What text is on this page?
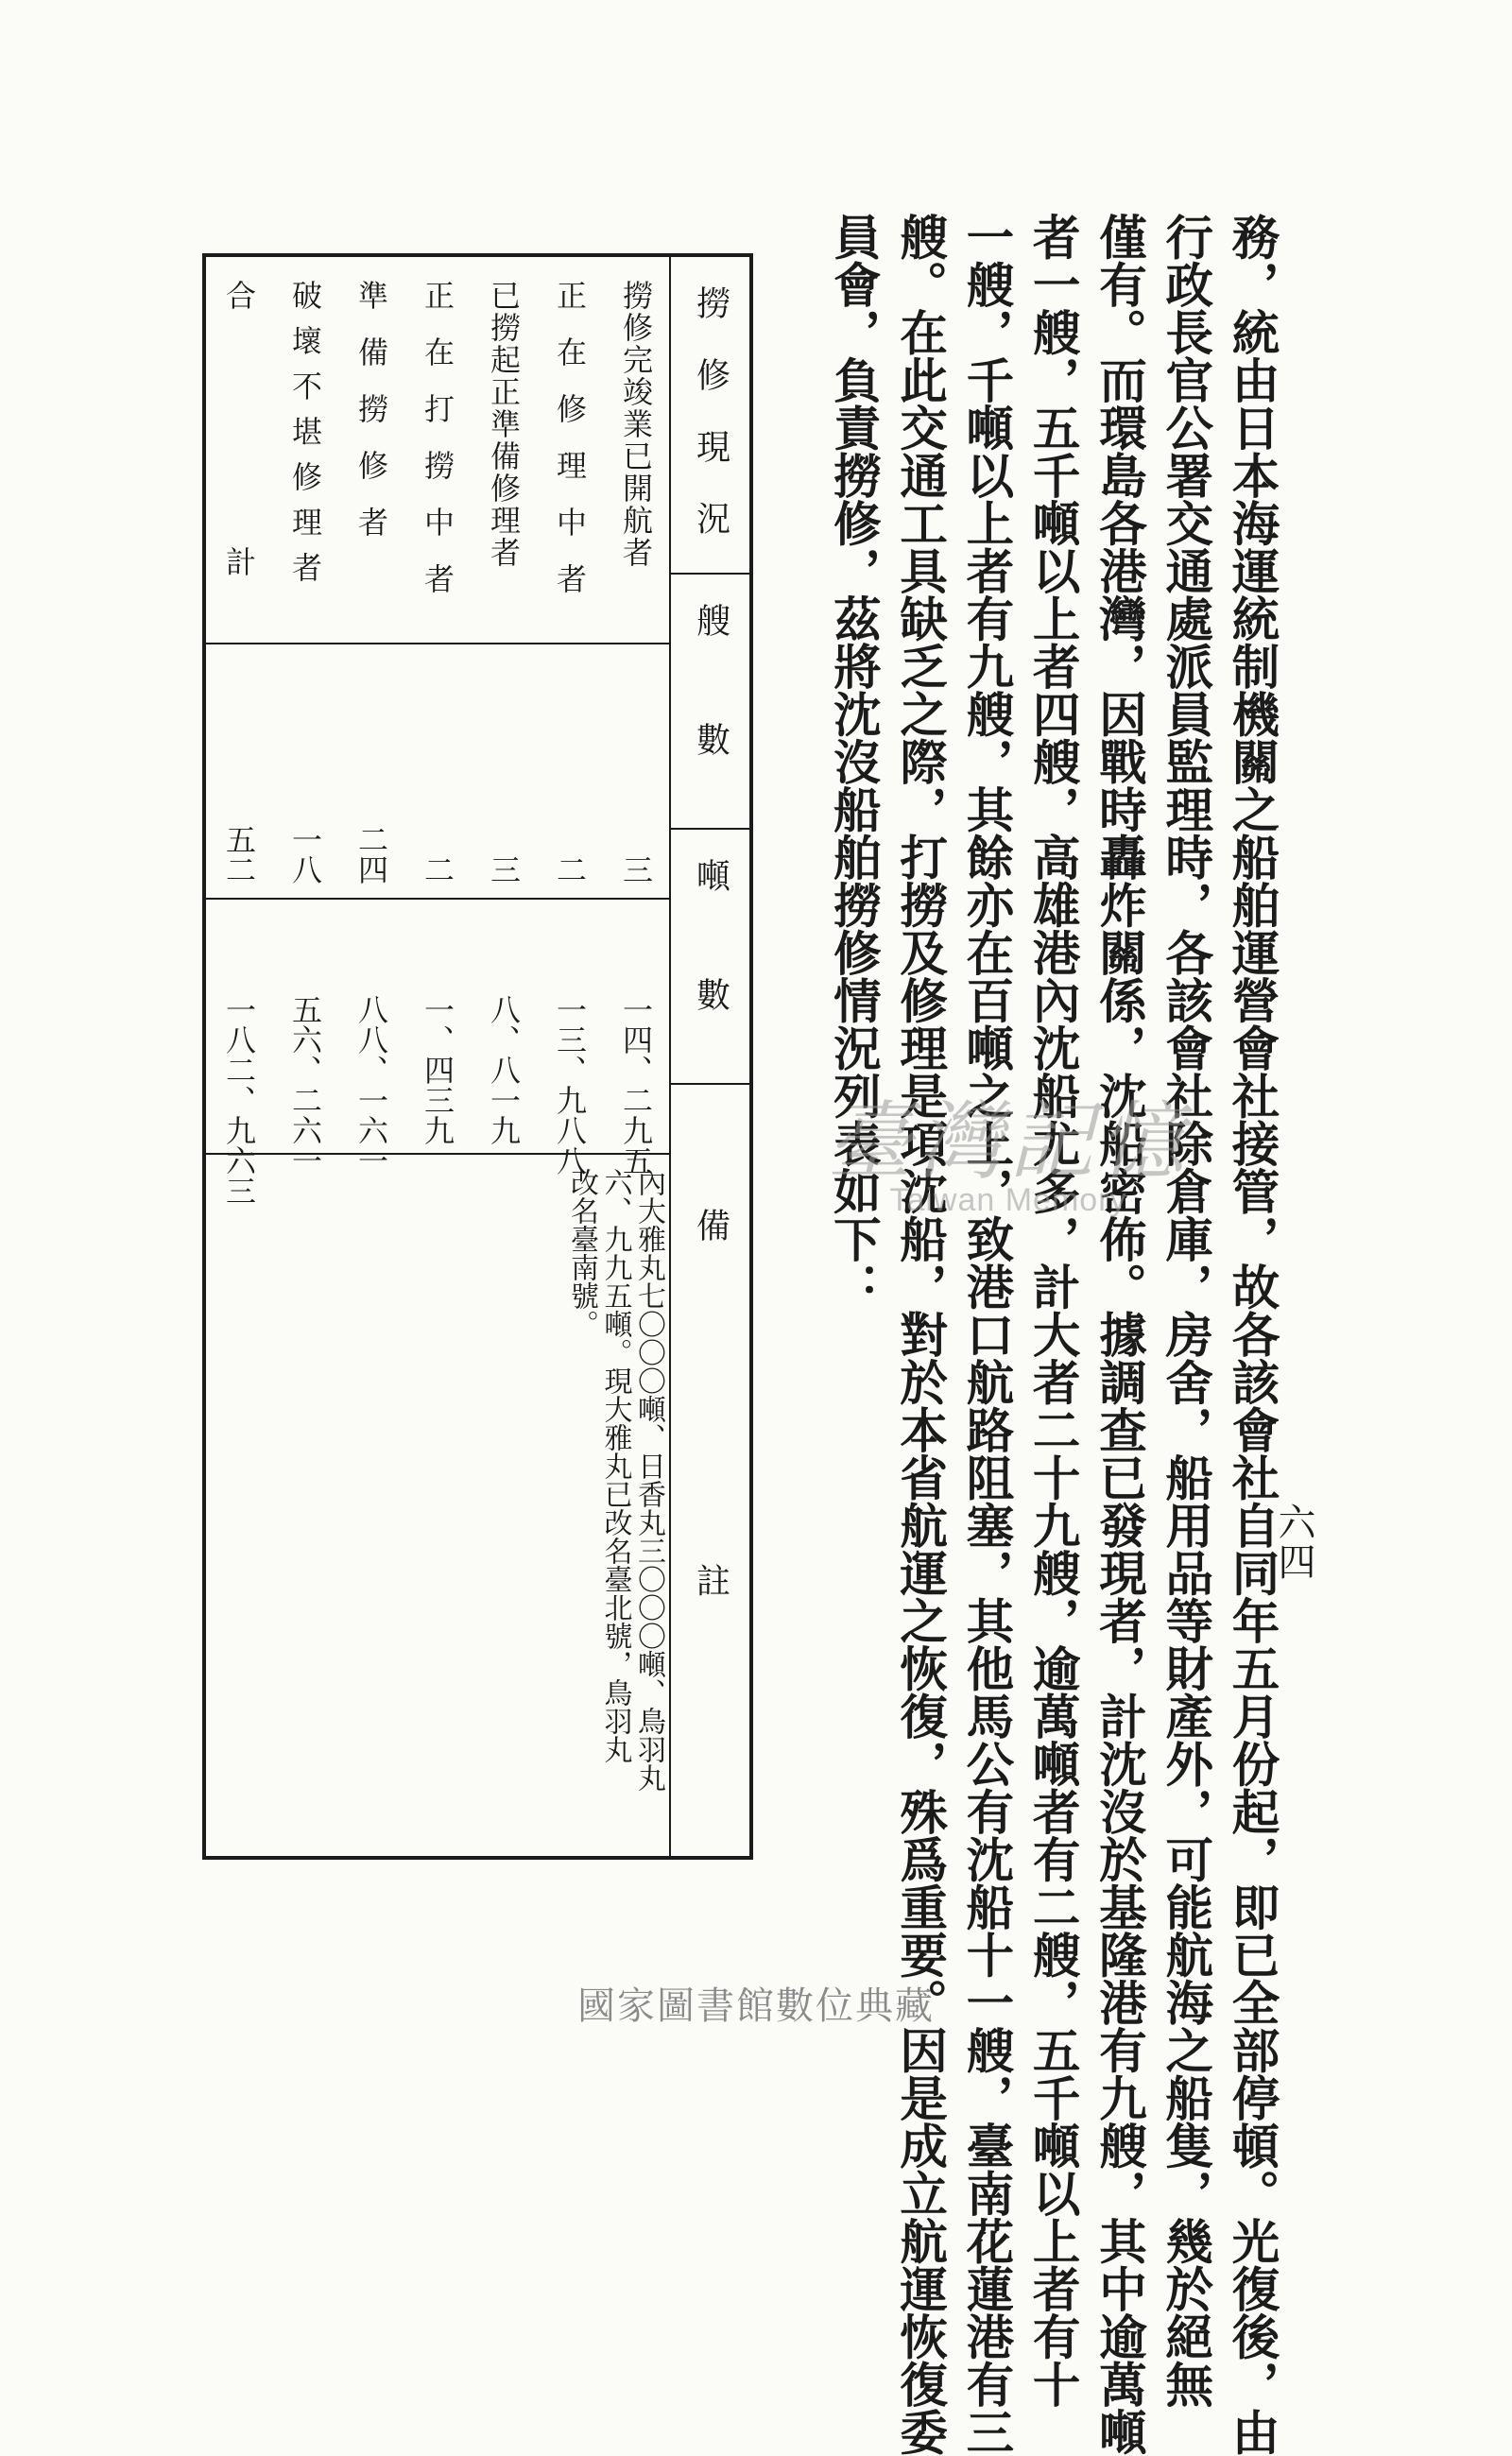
六四
務，統由日本海運統制機關之船舶運營會社接管，故各該會社自同年五月份起，即已全部停頓。光復後，由
行政長官公署交通處派員監理時，各該會社除倉庫，房舍，船用品等財產外，可能航海之船隻，幾於絕無
僅有。而環島各港灣，因戰時轟炸關係，沈船密佈。據調查已發現者，計沈沒於基隆港有九艘，其中逾萬噸
者一艘，五千噸以上者四艘，高雄港內沈船尤多，計大者二十九艘，逾萬噸者有二艘，五千噸以上者有十
一艘，千噸以上者有九艘，其餘亦在百噸之上，致港口航路阻塞，其他馬公有沈船十一艘，臺南花蓮港有三
艘。在此交通工具缺乏之際，打撈及修理是項沈船，對於本省航運之恢復，殊爲重要。因是成立航運恢復委
員會，負責撈修，茲將沈沒船舶撈修情況列表如下：
撈修現況
艘數
噸數
備註
撈修完竣業已開航者
三
一四、二九五
內大雅丸七〇〇〇噸、日香丸三〇〇〇噸、鳥羽丸
六、九九五噸。現大雅丸已改名臺北號，鳥羽丸
改名臺南號。
正在修理中者
二
一三、九八八
已撈起正準備修理者
三
八、八一九
正在打撈中者
二
一、四三九
準備撈修者
二四
八八、一六一
破壞不堪修理者
一八
五六、二六一
合計
五二
一八二、九六三	臺灣記憶
Taiwan Memory
國家圖書館數位典藏
